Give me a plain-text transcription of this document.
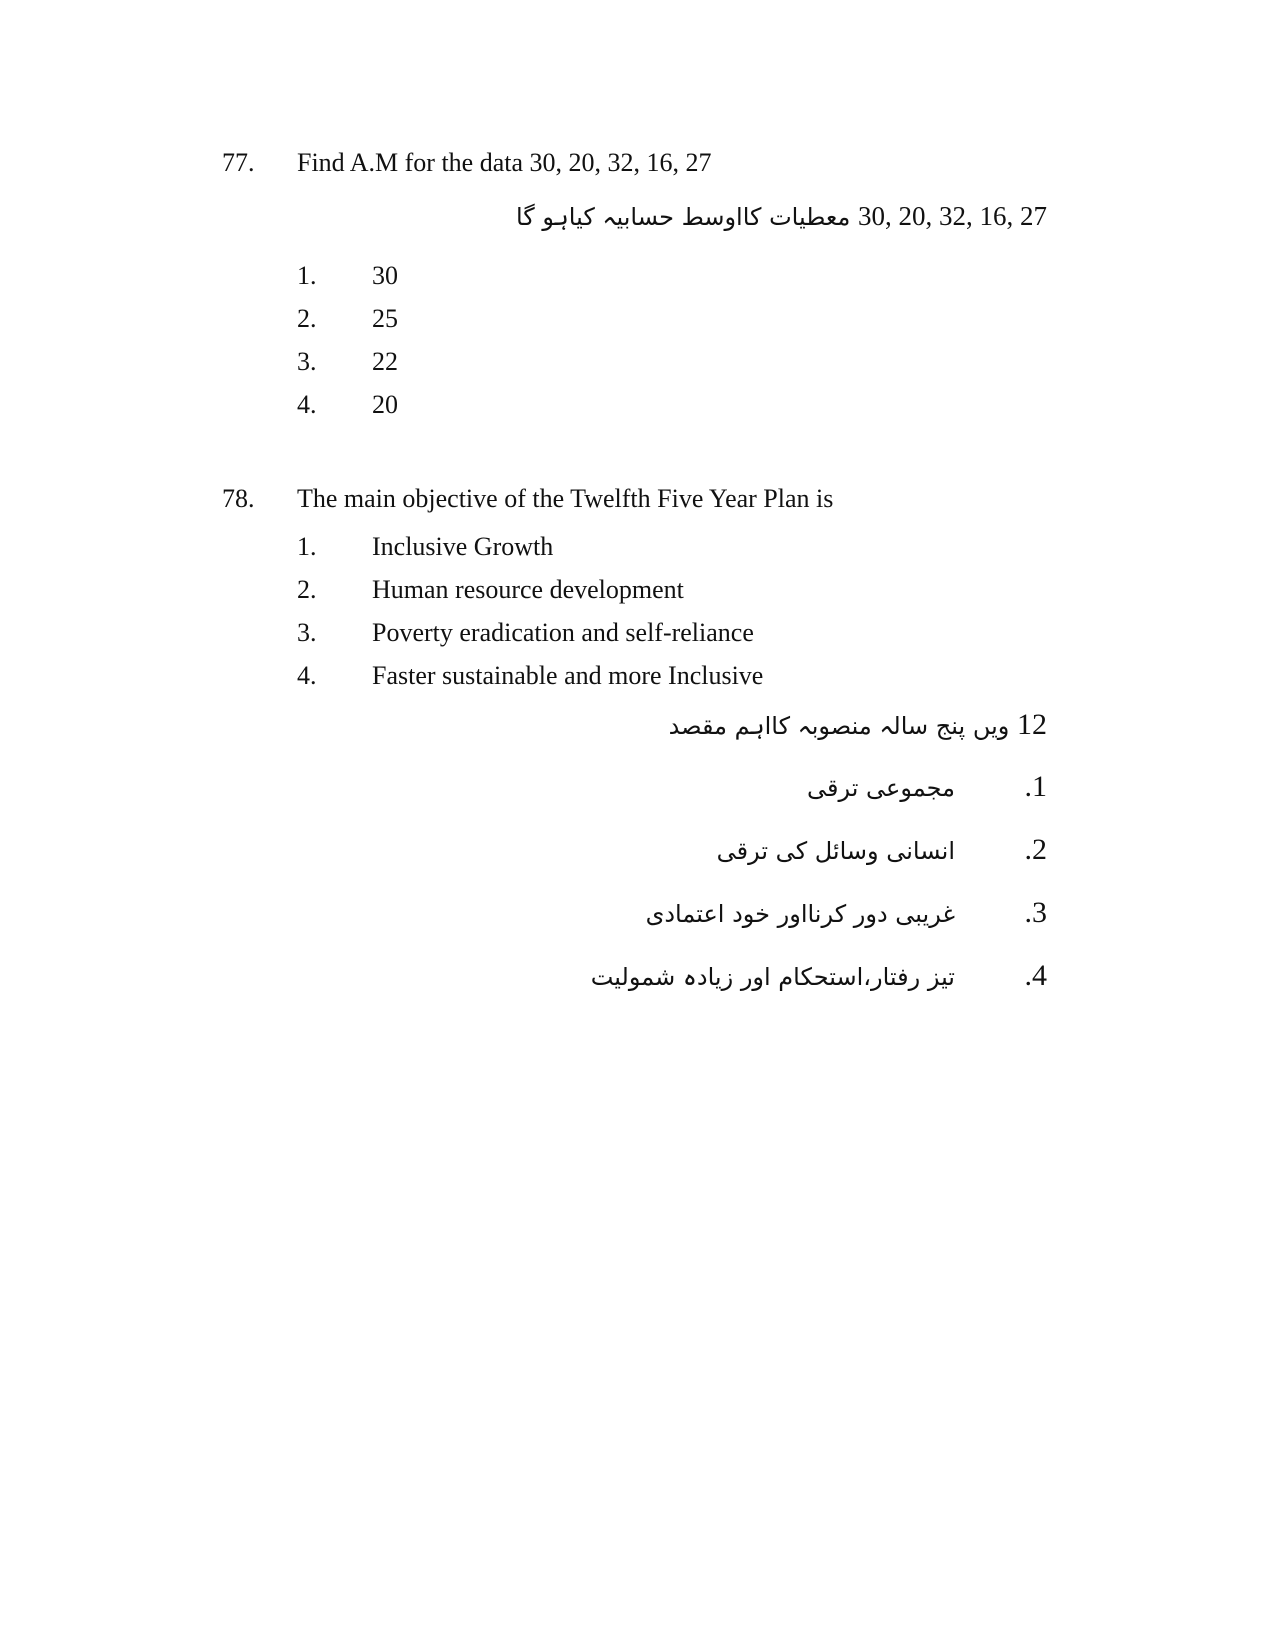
77. Find A.M for the data 30, 20, 32, 16, 27
30, 20, 32, 16, 27 معطیات کااوسط حسابیہ کیاہو گا
1. 30
2. 25
3. 22
4. 20
78. The main objective of the Twelfth Five Year Plan is
1. Inclusive Growth
2. Human resource development
3. Poverty eradication and self-reliance
4. Faster sustainable and more Inclusive
12 ویں پنج سالہ منصوبہ کااہم مقصد
.1
مجموعی ترقی
.2
انسانی وسائل کی ترقی
.3
غریبی دور کرنااور خود اعتمادی
.4
تیز رفتار،استحکام اور زیادہ شمولیت
